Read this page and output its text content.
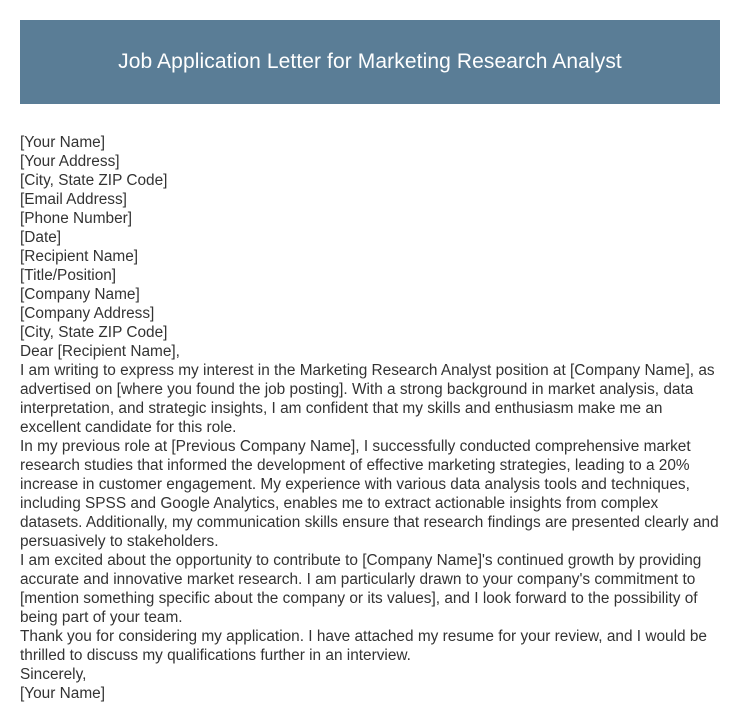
Job Application Letter for Marketing Research Analyst

[Your Name]

[Your Address]

[City, State ZIP Code]

[Email Address]

[Phone Number]

[Date]

[Recipient Name]

[Title/Position]

[Company Name]

[Company Address]

[City, State ZIP Code]

Dear [Recipient Name],

I am writing to express my interest in the Marketing Research Analyst position at [Company Name], as advertised on [where you found the job posting]. With a strong background in market analysis, data interpretation, and strategic insights, I am confident that my skills and enthusiasm make me an excellent candidate for this role.

In my previous role at [Previous Company Name], I successfully conducted comprehensive market research studies that informed the development of effective marketing strategies, leading to a 20% increase in customer engagement. My experience with various data analysis tools and techniques, including SPSS and Google Analytics, enables me to extract actionable insights from complex datasets. Additionally, my communication skills ensure that research findings are presented clearly and persuasively to stakeholders.

I am excited about the opportunity to contribute to [Company Name]'s continued growth by providing accurate and innovative market research. I am particularly drawn to your company's commitment to [mention something specific about the company or its values], and I look forward to the possibility of being part of your team.

Thank you for considering my application. I have attached my resume for your review, and I would be thrilled to discuss my qualifications further in an interview.

Sincerely,

[Your Name]
